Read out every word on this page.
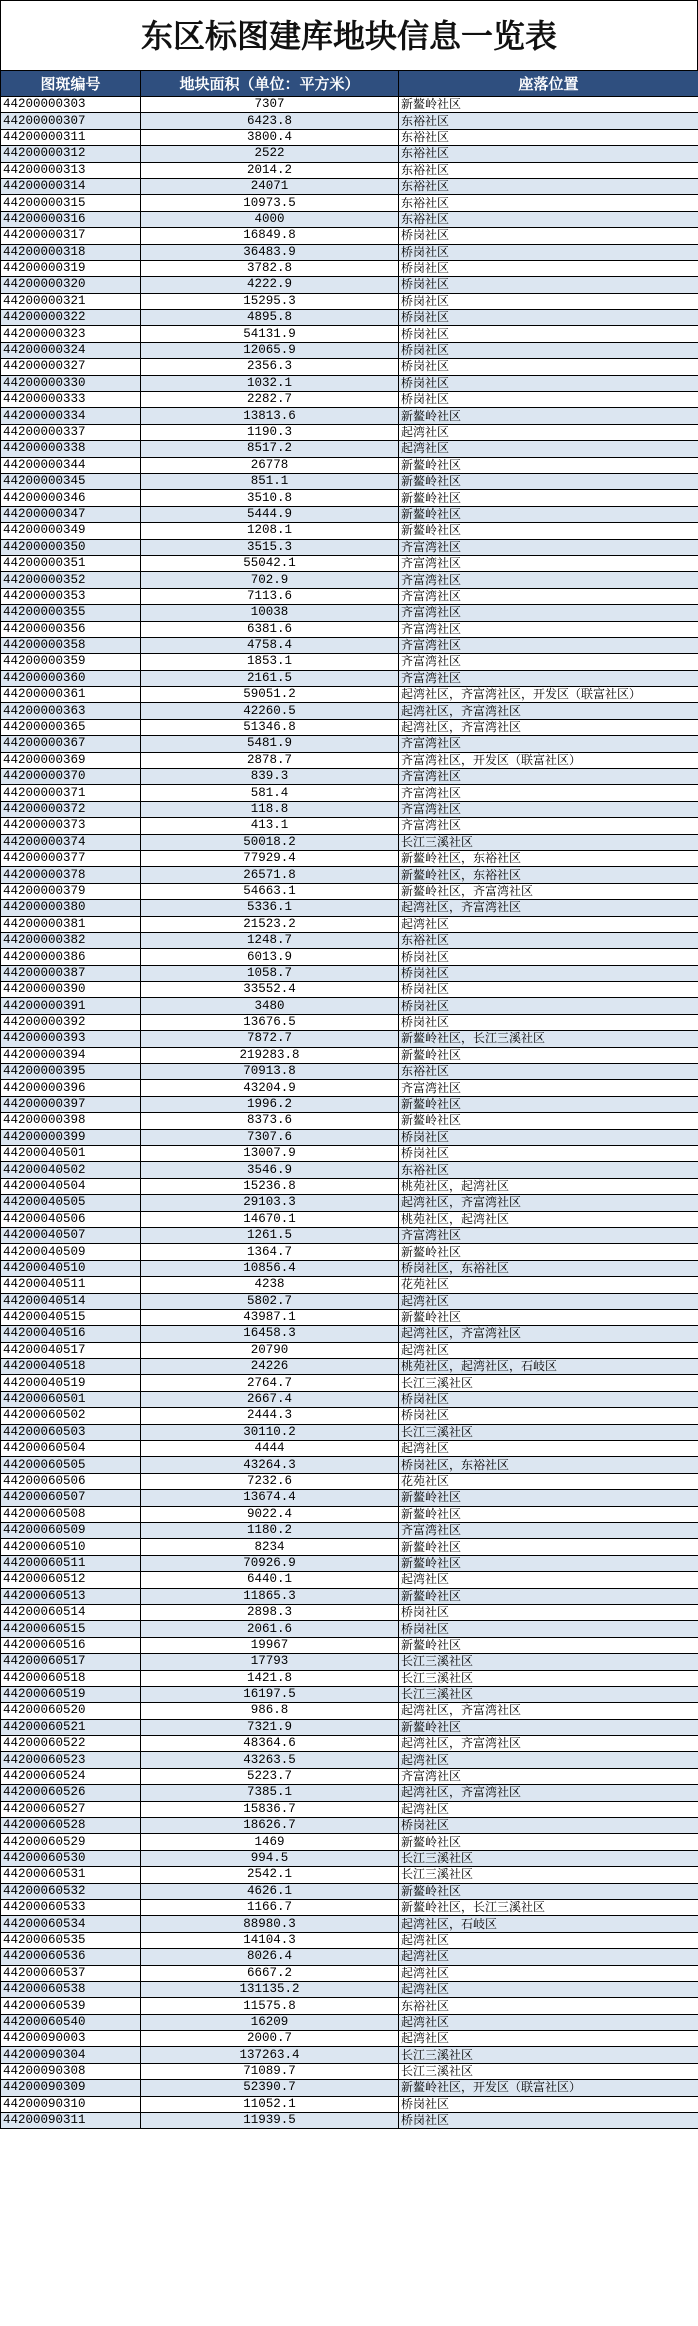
东区标图建库地块信息一览表
图斑编号	地块面积（单位：平方米）	座落位置
44200000303	7307	新鳌岭社区
44200000307	6423.8	东裕社区
44200000311	3800.4	东裕社区
44200000312	2522	东裕社区
44200000313	2014.2	东裕社区
44200000314	24071	东裕社区
44200000315	10973.5	东裕社区
44200000316	4000	东裕社区
44200000317	16849.8	桥岗社区
44200000318	36483.9	桥岗社区
44200000319	3782.8	桥岗社区
44200000320	4222.9	桥岗社区
44200000321	15295.3	桥岗社区
44200000322	4895.8	桥岗社区
44200000323	54131.9	桥岗社区
44200000324	12065.9	桥岗社区
44200000327	2356.3	桥岗社区
44200000330	1032.1	桥岗社区
44200000333	2282.7	桥岗社区
44200000334	13813.6	新鳌岭社区
44200000337	1190.3	起湾社区
44200000338	8517.2	起湾社区
44200000344	26778	新鳌岭社区
44200000345	851.1	新鳌岭社区
44200000346	3510.8	新鳌岭社区
44200000347	5444.9	新鳌岭社区
44200000349	1208.1	新鳌岭社区
44200000350	3515.3	齐富湾社区
44200000351	55042.1	齐富湾社区
44200000352	702.9	齐富湾社区
44200000353	7113.6	齐富湾社区
44200000355	10038	齐富湾社区
44200000356	6381.6	齐富湾社区
44200000358	4758.4	齐富湾社区
44200000359	1853.1	齐富湾社区
44200000360	2161.5	齐富湾社区
44200000361	59051.2	起湾社区，齐富湾社区，开发区（联富社区）
44200000363	42260.5	起湾社区，齐富湾社区
44200000365	51346.8	起湾社区，齐富湾社区
44200000367	5481.9	齐富湾社区
44200000369	2878.7	齐富湾社区，开发区（联富社区）
44200000370	839.3	齐富湾社区
44200000371	581.4	齐富湾社区
44200000372	118.8	齐富湾社区
44200000373	413.1	齐富湾社区
44200000374	50018.2	长江三溪社区
44200000377	77929.4	新鳌岭社区，东裕社区
44200000378	26571.8	新鳌岭社区，东裕社区
44200000379	54663.1	新鳌岭社区，齐富湾社区
44200000380	5336.1	起湾社区，齐富湾社区
44200000381	21523.2	起湾社区
44200000382	1248.7	东裕社区
44200000386	6013.9	桥岗社区
44200000387	1058.7	桥岗社区
44200000390	33552.4	桥岗社区
44200000391	3480	桥岗社区
44200000392	13676.5	桥岗社区
44200000393	7872.7	新鳌岭社区，长江三溪社区
44200000394	219283.8	新鳌岭社区
44200000395	70913.8	东裕社区
44200000396	43204.9	齐富湾社区
44200000397	1996.2	新鳌岭社区
44200000398	8373.6	新鳌岭社区
44200000399	7307.6	桥岗社区
44200040501	13007.9	桥岗社区
44200040502	3546.9	东裕社区
44200040504	15236.8	桃苑社区，起湾社区
44200040505	29103.3	起湾社区，齐富湾社区
44200040506	14670.1	桃苑社区，起湾社区
44200040507	1261.5	齐富湾社区
44200040509	1364.7	新鳌岭社区
44200040510	10856.4	桥岗社区，东裕社区
44200040511	4238	花苑社区
44200040514	5802.7	起湾社区
44200040515	43987.1	新鳌岭社区
44200040516	16458.3	起湾社区，齐富湾社区
44200040517	20790	起湾社区
44200040518	24226	桃苑社区，起湾社区，石岐区
44200040519	2764.7	长江三溪社区
44200060501	2667.4	桥岗社区
44200060502	2444.3	桥岗社区
44200060503	30110.2	长江三溪社区
44200060504	4444	起湾社区
44200060505	43264.3	桥岗社区，东裕社区
44200060506	7232.6	花苑社区
44200060507	13674.4	新鳌岭社区
44200060508	9022.4	新鳌岭社区
44200060509	1180.2	齐富湾社区
44200060510	8234	新鳌岭社区
44200060511	70926.9	新鳌岭社区
44200060512	6440.1	起湾社区
44200060513	11865.3	新鳌岭社区
44200060514	2898.3	桥岗社区
44200060515	2061.6	桥岗社区
44200060516	19967	新鳌岭社区
44200060517	17793	长江三溪社区
44200060518	1421.8	长江三溪社区
44200060519	16197.5	长江三溪社区
44200060520	986.8	起湾社区，齐富湾社区
44200060521	7321.9	新鳌岭社区
44200060522	48364.6	起湾社区，齐富湾社区
44200060523	43263.5	起湾社区
44200060524	5223.7	齐富湾社区
44200060526	7385.1	起湾社区，齐富湾社区
44200060527	15836.7	起湾社区
44200060528	18626.7	桥岗社区
44200060529	1469	新鳌岭社区
44200060530	994.5	长江三溪社区
44200060531	2542.1	长江三溪社区
44200060532	4626.1	新鳌岭社区
44200060533	1166.7	新鳌岭社区，长江三溪社区
44200060534	88980.3	起湾社区，石岐区
44200060535	14104.3	起湾社区
44200060536	8026.4	起湾社区
44200060537	6667.2	起湾社区
44200060538	131135.2	起湾社区
44200060539	11575.8	东裕社区
44200060540	16209	起湾社区
44200090003	2000.7	起湾社区
44200090304	137263.4	长江三溪社区
44200090308	71089.7	长江三溪社区
44200090309	52390.7	新鳌岭社区，开发区（联富社区）
44200090310	11052.1	桥岗社区
44200090311	11939.5	桥岗社区
